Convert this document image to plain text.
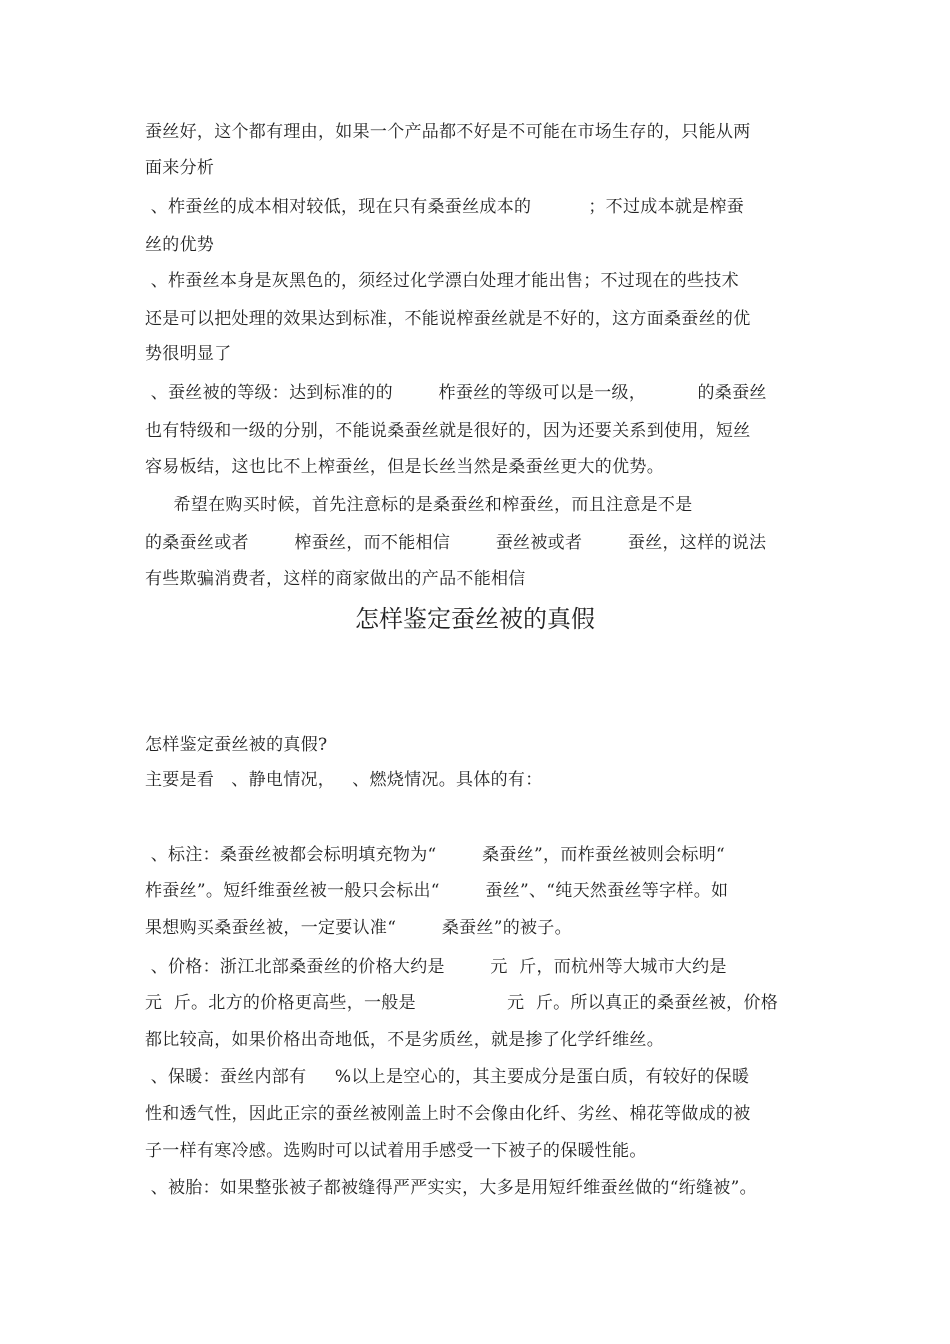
蚕丝好，这个都有理由，如果一个产品都不好是不可能在市场生存的，只能从两
面来分析
、柞蚕丝的成本相对较低，现在只有桑蚕丝成本的          ；不过成本就是榨蚕
丝的优势
、柞蚕丝本身是灰黑色的，须经过化学漂白处理才能出售；不过现在的些技术
还是可以把处理的效果达到标准，不能说榨蚕丝就是不好的，这方面桑蚕丝的优
势很明显了
、蚕丝被的等级：达到标准的的        柞蚕丝的等级可以是一级，         的桑蚕丝
也有特级和一级的分别，不能说桑蚕丝就是很好的，因为还要关系到使用，短丝
容易板结，这也比不上榨蚕丝，但是长丝当然是桑蚕丝更大的优势。
希望在购买时候，首先注意标的是桑蚕丝和榨蚕丝，而且注意是不是
的桑蚕丝或者        榨蚕丝，而不能相信        蚕丝被或者        蚕丝，这样的说法
有些欺骗消费者，这样的商家做出的产品不能相信
怎样鉴定蚕丝被的真假
怎样鉴定蚕丝被的真假?
主要是看   、静电情况，   、燃烧情况。具体的有：
、标注：桑蚕丝被都会标明填充物为“        桑蚕丝”，而柞蚕丝被则会标明“
柞蚕丝”。短纤维蚕丝被一般只会标出“        蚕丝”、“纯天然蚕丝等字样。如
果想购买桑蚕丝被，一定要认准“        桑蚕丝”的被子。
、价格：浙江北部桑蚕丝的价格大约是        元  斤，而杭州等大城市大约是
元  斤。北方的价格更高些，一般是                元  斤。所以真正的桑蚕丝被，价格
都比较高，如果价格出奇地低，不是劣质丝，就是掺了化学纤维丝。
、保暖：蚕丝内部有     %以上是空心的，其主要成分是蛋白质，有较好的保暖
性和透气性，因此正宗的蚕丝被刚盖上时不会像由化纤、劣丝、棉花等做成的被
子一样有寒冷感。选购时可以试着用手感受一下被子的保暖性能。
、被胎：如果整张被子都被缝得严严实实，大多是用短纤维蚕丝做的“绗缝被”。
